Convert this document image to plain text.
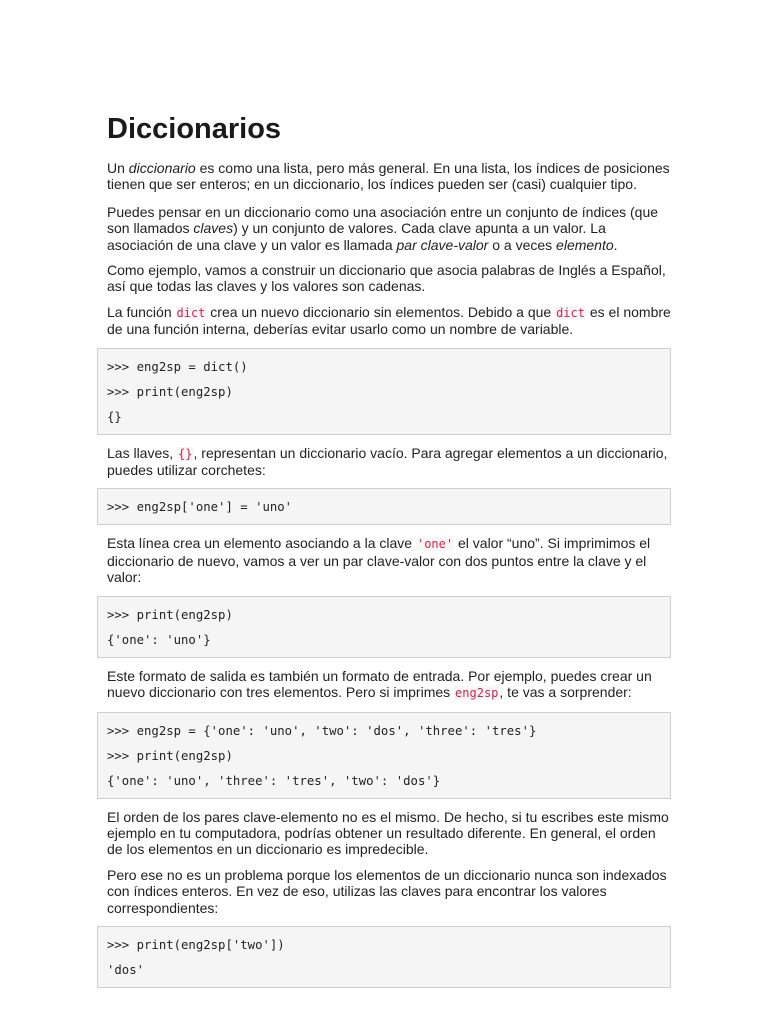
Diccionarios

Un diccionario es como una lista, pero más general. En una lista, los índices de posiciones tienen que ser enteros; en un diccionario, los índices pueden ser (casi) cualquier tipo.

Puedes pensar en un diccionario como una asociación entre un conjunto de índices (que son llamados claves) y un conjunto de valores. Cada clave apunta a un valor. La asociación de una clave y un valor es llamada par clave-valor o a veces elemento.

Como ejemplo, vamos a construir un diccionario que asocia palabras de Inglés a Español, así que todas las claves y los valores son cadenas.

La función dict crea un nuevo diccionario sin elementos. Debido a que dict es el nombre de una función interna, deberías evitar usarlo como un nombre de variable.

>>> eng2sp = dict()
>>> print(eng2sp)
{}

Las llaves, {}, representan un diccionario vacío. Para agregar elementos a un diccionario, puedes utilizar corchetes:

>>> eng2sp['one'] = 'uno'

Esta línea crea un elemento asociando a la clave 'one' el valor “uno”. Si imprimimos el diccionario de nuevo, vamos a ver un par clave-valor con dos puntos entre la clave y el valor:

>>> print(eng2sp)
{'one': 'uno'}

Este formato de salida es también un formato de entrada. Por ejemplo, puedes crear un nuevo diccionario con tres elementos. Pero si imprimes eng2sp, te vas a sorprender:

>>> eng2sp = {'one': 'uno', 'two': 'dos', 'three': 'tres'}
>>> print(eng2sp)
{'one': 'uno', 'three': 'tres', 'two': 'dos'}

El orden de los pares clave-elemento no es el mismo. De hecho, si tu escribes este mismo ejemplo en tu computadora, podrías obtener un resultado diferente. En general, el orden de los elementos en un diccionario es impredecible.

Pero ese no es un problema porque los elementos de un diccionario nunca son indexados con índices enteros. En vez de eso, utilizas las claves para encontrar los valores correspondientes:

>>> print(eng2sp['two'])
'dos'
